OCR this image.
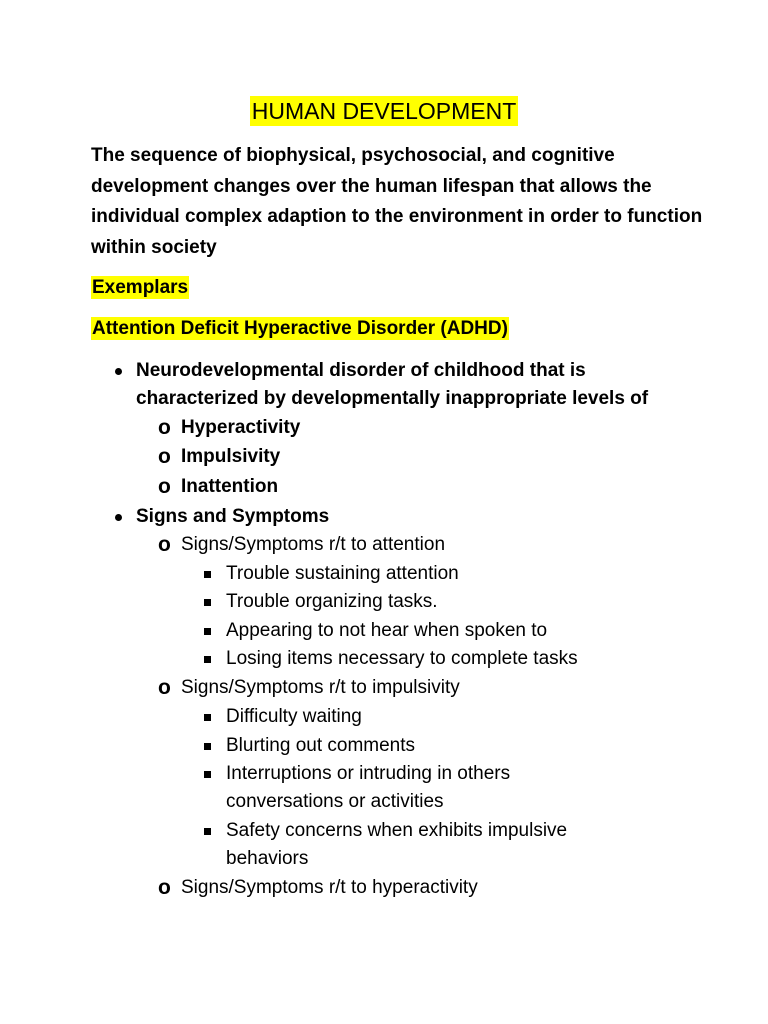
HUMAN DEVELOPMENT

The sequence of biophysical, psychosocial, and cognitive development changes over the human lifespan that allows the individual complex adaption to the environment in order to function within society

Exemplars

Attention Deficit Hyperactive Disorder (ADHD)

Neurodevelopmental disorder of childhood that is
characterized by developmentally inappropriate levels of
o Hyperactivity
o Impulsivity
o Inattention
Signs and Symptoms
o Signs/Symptoms r/t to attention
Trouble sustaining attention
Trouble organizing tasks.
Appearing to not hear when spoken to
Losing items necessary to complete tasks
o Signs/Symptoms r/t to impulsivity
Difficulty waiting
Blurting out comments
Interruptions or intruding in others
conversations or activities
Safety concerns when exhibits impulsive
behaviors
o Signs/Symptoms r/t to hyperactivity
